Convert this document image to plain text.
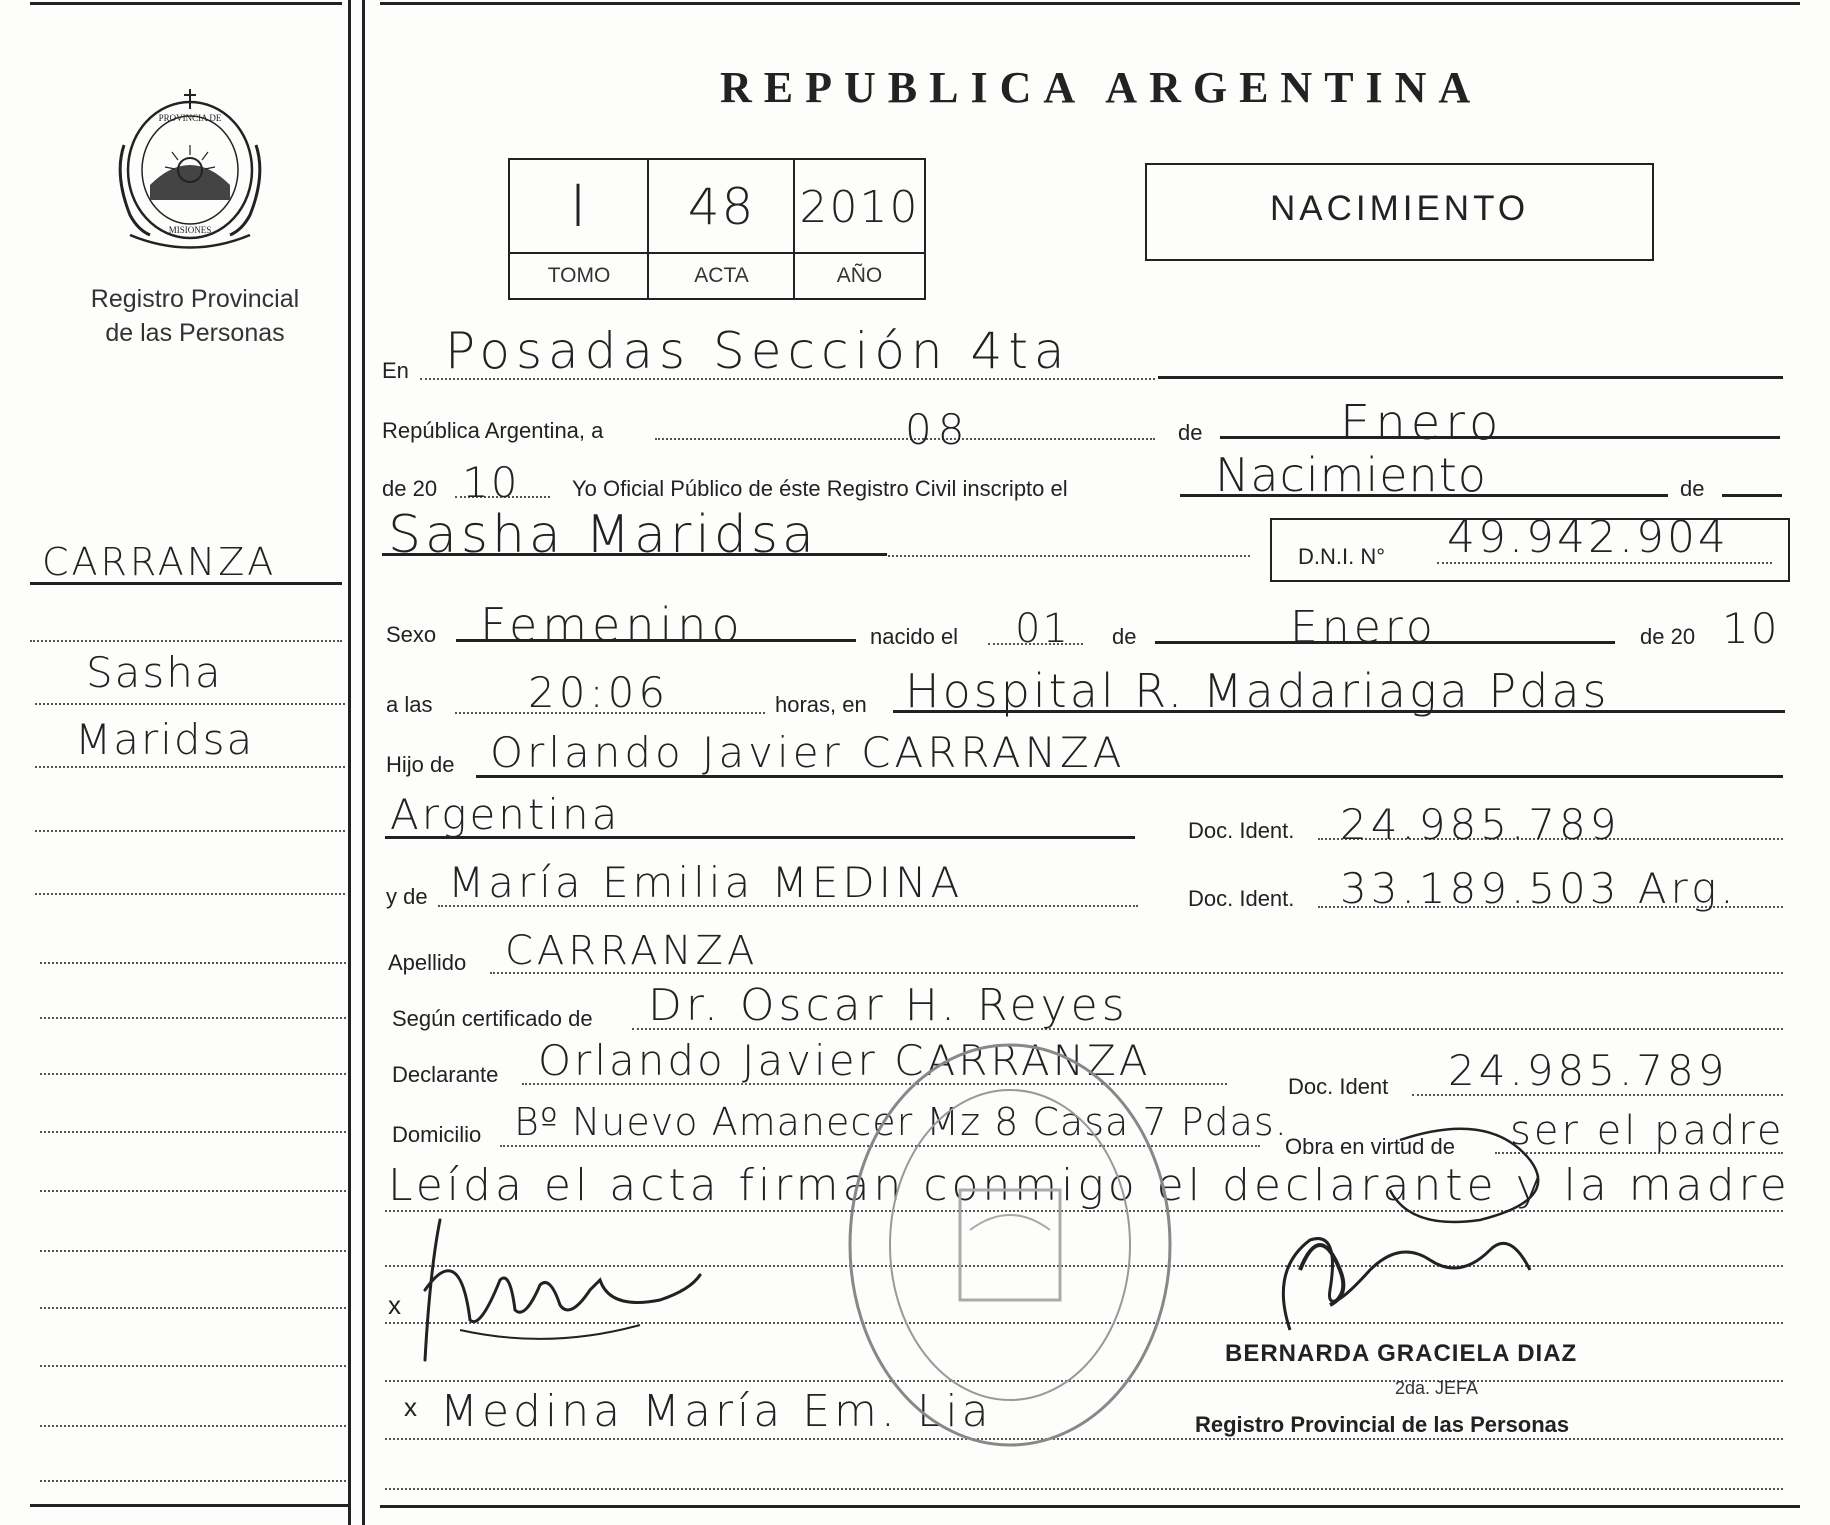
PROVINCIA DE
MISIONES
Registro Provincial
de las Personas
CARRANZA
Sasha
Maridsa
REPUBLICA ARGENTINA
I	48	2010
TOMO	ACTA	AÑO
NACIMIENTO
En Posadas Sección 4ta
República Argentina, a	08	de	Enero
de 20 10 Yo Oficial Público de éste Registro Civil inscripto el	Nacimiento	de
Sasha Maridsa	D.N.I. N° 49.942.904
Sexo Femenino	nacido el 01 de	Enero	de 20 10
a las 20:06	horas, en Hospital R. Madariaga Pdas
Hijo de Orlando Javier CARRANZA
Argentina	Doc. Ident. 24.985.789
y de María Emilia MEDINA	Doc. Ident. 33.189.503 Arg.
Apellido CARRANZA
Según certificado de Dr. Oscar H. Reyes
Declarante Orlando Javier CARRANZA
Doc. Ident 24.985.789
Domicilio Bº Nuevo Amanecer Mz 8 Casa 7 Pdas.
Obra en virtud de ser el padre
Leída el acta firman conmigo el declarante y la madre
x
x Medina María Em. Lia
BERNARDA GRACIELA DIAZ
2da. JEFA
Registro Provincial de las Personas
